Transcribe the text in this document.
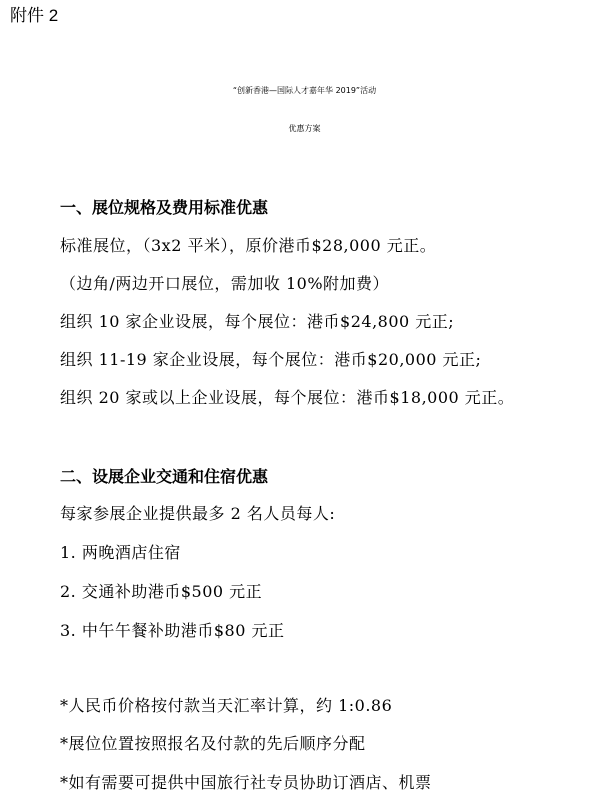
附件 2
“创新香港—国际人才嘉年华 2019”活动
优惠方案
一、展位规格及费用标准优惠
标准展位，（3x2 平米），原价港币$28,000 元正。
（边角/两边开口展位，需加收 10%附加费）
组织 10 家企业设展，每个展位：港币$24,800 元正;
组织 11-19 家企业设展，每个展位：港币$20,000 元正;
组织 20 家或以上企业设展，每个展位：港币$18,000 元正。
二、设展企业交通和住宿优惠
每家参展企业提供最多 2 名人员每人:
1. 两晚酒店住宿
2. 交通补助港币$500 元正
3. 中午午餐补助港币$80 元正
*人民币价格按付款当天汇率计算，约 1:0.86
*展位位置按照报名及付款的先后顺序分配
*如有需要可提供中国旅行社专员协助订酒店、机票
